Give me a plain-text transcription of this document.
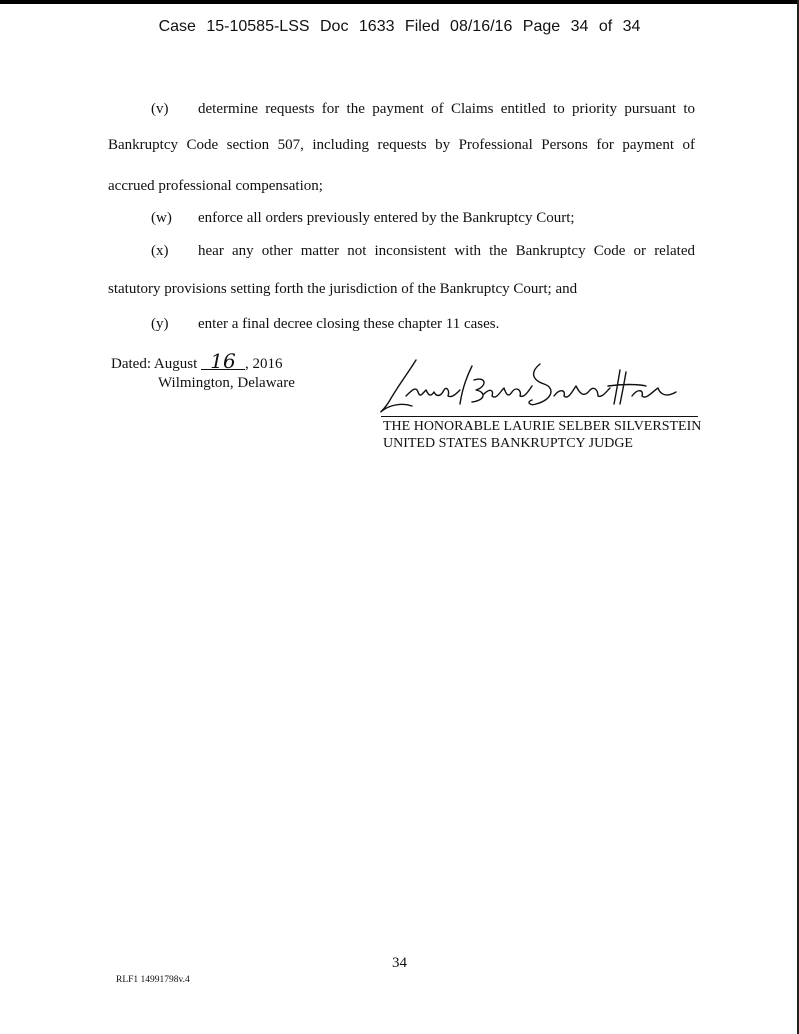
Case 15-10585-LSS Doc 1633 Filed 08/16/16 Page 34 of 34
(v) determine requests for the payment of Claims entitled to priority pursuant to
Bankruptcy Code section 507, including requests by Professional Persons for payment of
accrued professional compensation;
(w) enforce all orders previously entered by the Bankruptcy Court;
(x) hear any other matter not inconsistent with the Bankruptcy Code or related
statutory provisions setting forth the jurisdiction of the Bankruptcy Court; and
(y) enter a final decree closing these chapter 11 cases.
Dated: August 16 , 2016
Wilmington, Delaware
THE HONORABLE LAURIE SELBER SILVERSTEIN
UNITED STATES BANKRUPTCY JUDGE
34
RLF1 14991798v.4
